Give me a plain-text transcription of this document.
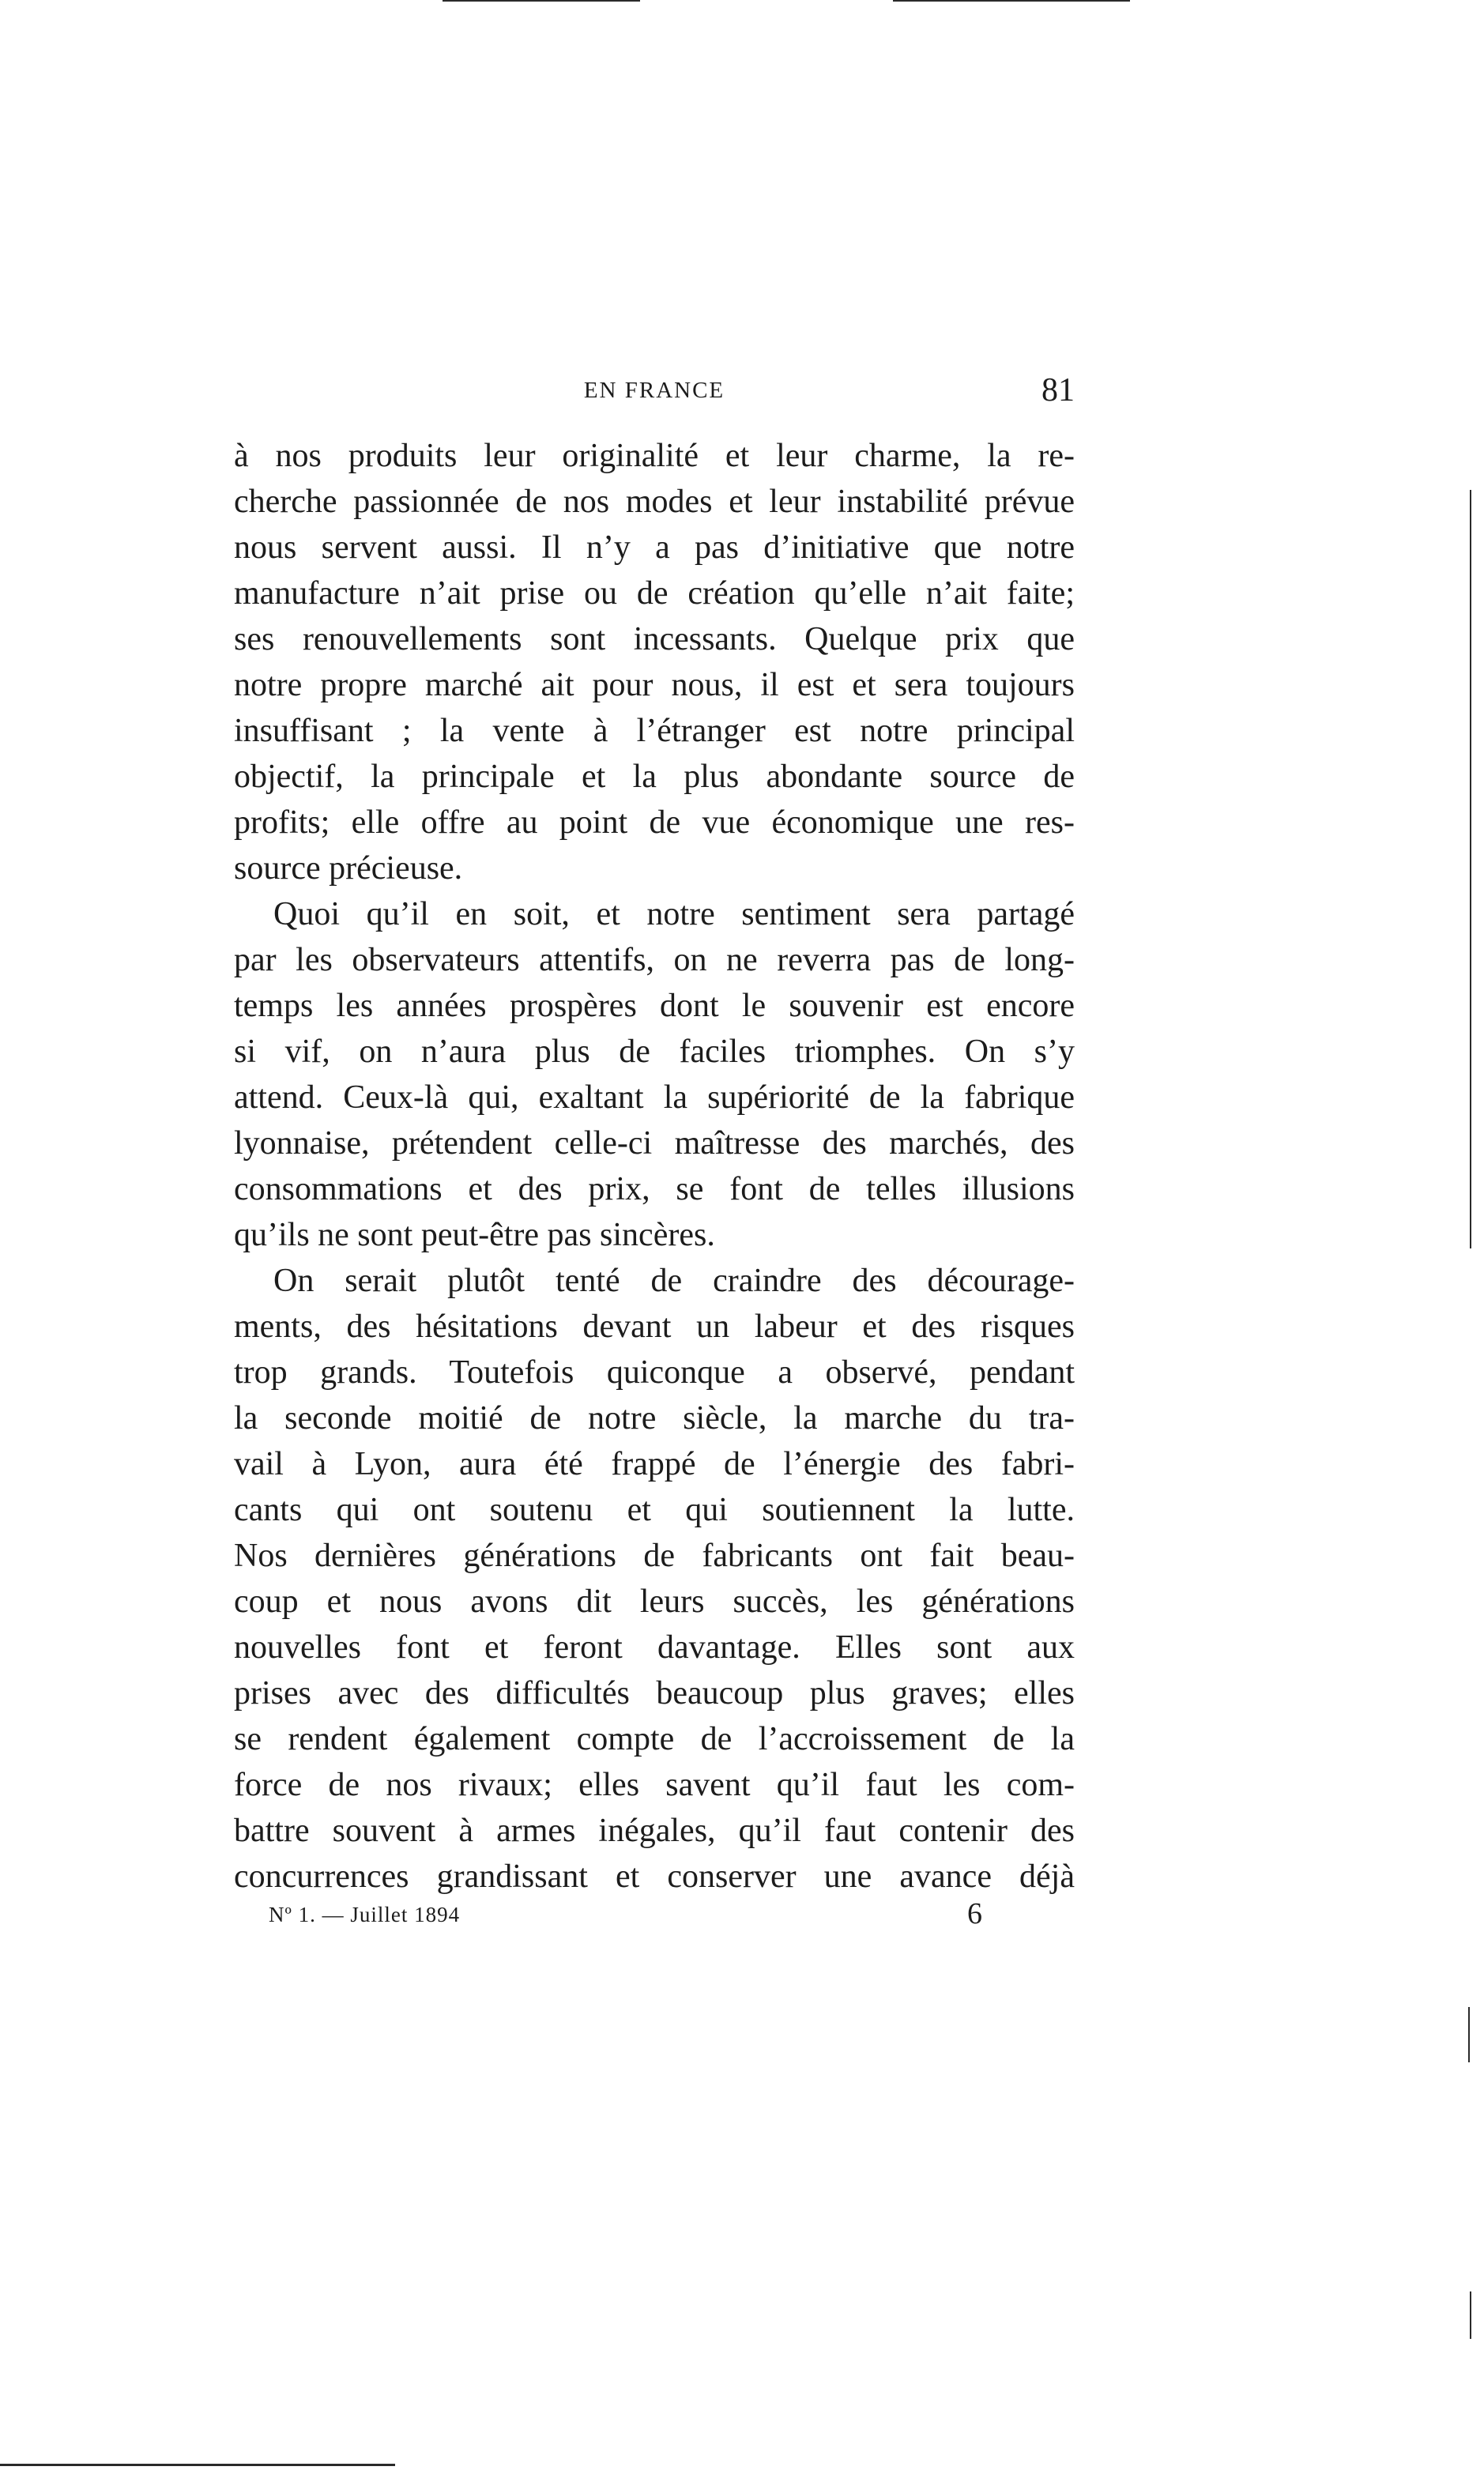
EN FRANCE	81
à nos produits leur originalité et leur charme, la re-
cherche passionnée de nos modes et leur instabilité prévue
nous servent aussi. Il n’y a pas d’initiative que notre
manufacture n’ait prise ou de création qu’elle n’ait faite;
ses renouvellements sont incessants. Quelque prix que
notre propre marché ait pour nous, il est et sera toujours
insuffisant ; la vente à l’étranger est notre principal
objectif, la principale et la plus abondante source de
profits; elle offre au point de vue économique une res-
source précieuse.
Quoi qu’il en soit, et notre sentiment sera partagé
par les observateurs attentifs, on ne reverra pas de long-
temps les années prospères dont le souvenir est encore
si vif, on n’aura plus de faciles triomphes. On s’y
attend. Ceux-là qui, exaltant la supériorité de la fabrique
lyonnaise, prétendent celle-ci maîtresse des marchés, des
consommations et des prix, se font de telles illusions
qu’ils ne sont peut-être pas sincères.
On serait plutôt tenté de craindre des découragе-
ments, des hésitations devant un labeur et des risques
trop grands. Toutefois quiconque a observé, pendant
la seconde moitié de notre siècle, la marche du tra-
vail à Lyon, aura été frappé de l’énergie des fabri-
cants qui ont soutenu et qui soutiennent la lutte.
Nos dernières générations de fabricants ont fait beau-
coup et nous avons dit leurs succès, les générations
nouvelles font et feront davantage. Elles sont aux
prises avec des difficultés beaucoup plus graves; elles
se rendent également compte de l’accroissement de la
force de nos rivaux; elles savent qu’il faut les com-
battre souvent à armes inégales, qu’il faut contenir des
concurrences grandissant et conserver une avance déjà
Nº 1. — Juillet 1894	6
